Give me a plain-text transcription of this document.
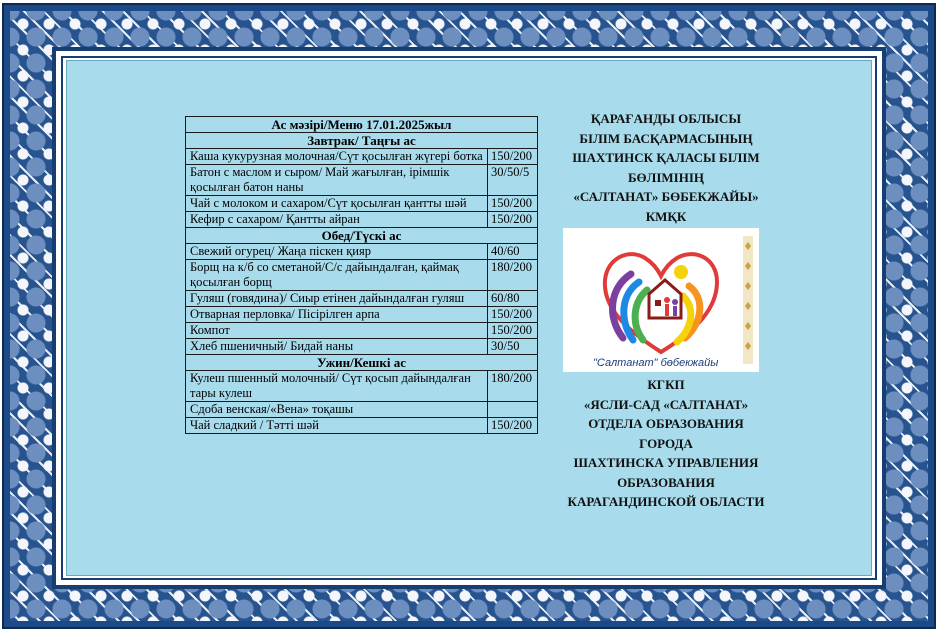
Ас мәзірі/Меню 17.01.2025жыл	
Завтрак/ Таңғы ас	
Каша кукурузная молочная/Сүт қосылған жүгері ботка	150/200
Батон с маслом и сыром/ Май жағылған, ірімшік қосылған батон наны	30/50/5
Чай с молоком и сахаром/Сүт қосылған қантты шәй	150/200
Кефир с сахаром/ Қантты айран	150/200
Обед/Түскі ас	
Свежий огурец/ Жаңа піскен қияр	40/60
Борщ на к/б со сметаной/С/с дайындалған, қаймақ қосылған борщ	180/200
Гуляш (говядина)/ Сиыр етінен дайындалған гуляш	60/80
Отварная перловка/ Пісірілген арпа	150/200
Компот	150/200
Хлеб пшеничный/ Бидай наны	30/50
Ужин/Кешкі ас	
Кулеш пшенный молочный/ Сүт қосып дайындалған тары кулеш	180/200
Сдоба венская/«Вена» тоқашы	
Чай сладкий / Тәтті шәй	150/200

ҚАРАҒАНДЫ ОБЛЫСЫ

БІЛІМ БАСҚАРМАСЫНЫҢ

ШАХТИНСК ҚАЛАСЫ БІЛІМ

БӨЛІМІНІҢ

«САЛТАНАТ» БӨБЕКЖАЙЫ»

КМҚК

"Салтанат" бөбекжайы

КГКП

«ЯСЛИ-САД «САЛТАНАТ»

ОТДЕЛА ОБРАЗОВАНИЯ

ГОРОДА

ШАХТИНСКА УПРАВЛЕНИЯ

ОБРАЗОВАНИЯ

КАРАГАНДИНСКОЙ ОБЛАСТИ
